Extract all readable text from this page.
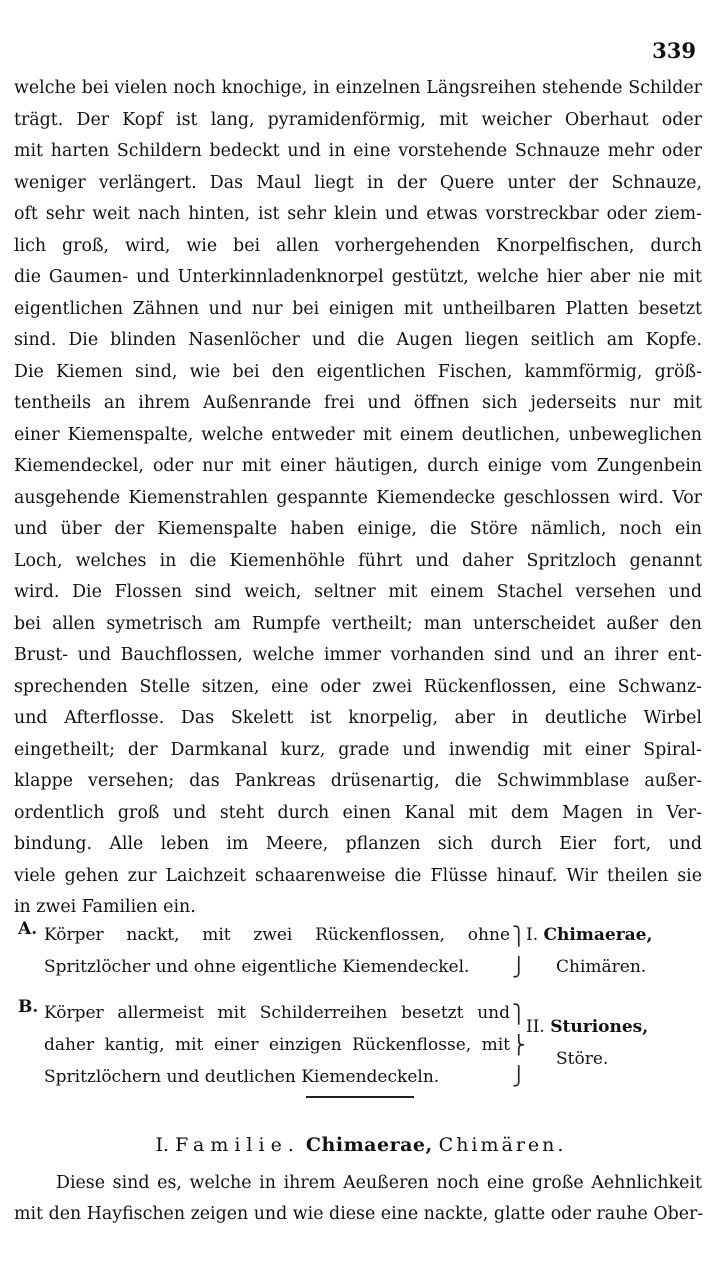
339
welche bei vielen noch knochige, in einzelnen Längsreihen stehende Schilder
trägt. Der Kopf ist lang, pyramidenförmig, mit weicher Oberhaut oder
mit harten Schildern bedeckt und in eine vorstehende Schnauze mehr oder
weniger verlängert. Das Maul liegt in der Quere unter der Schnauze,
oft sehr weit nach hinten, ist sehr klein und etwas vorstreckbar oder ziem-
lich groß, wird, wie bei allen vorhergehenden Knorpelfischen, durch
die Gaumen- und Unterkinnladenknorpel gestützt, welche hier aber nie mit
eigentlichen Zähnen und nur bei einigen mit untheilbaren Platten besetzt
sind. Die blinden Nasenlöcher und die Augen liegen seitlich am Kopfe.
Die Kiemen sind, wie bei den eigentlichen Fischen, kammförmig, größ-
tentheils an ihrem Außenrande frei und öffnen sich jederseits nur mit
einer Kiemenspalte, welche entweder mit einem deutlichen, unbeweglichen
Kiemendeckel, oder nur mit einer häutigen, durch einige vom Zungenbein
ausgehende Kiemenstrahlen gespannte Kiemendecke geschlossen wird. Vor
und über der Kiemenspalte haben einige, die Störe nämlich, noch ein
Loch, welches in die Kiemenhöhle führt und daher Spritzloch genannt
wird. Die Flossen sind weich, seltner mit einem Stachel versehen und
bei allen symetrisch am Rumpfe vertheilt; man unterscheidet außer den
Brust- und Bauchflossen, welche immer vorhanden sind und an ihrer ent-
sprechenden Stelle sitzen, eine oder zwei Rückenflossen, eine Schwanz-
und Afterflosse. Das Skelett ist knorpelig, aber in deutliche Wirbel
eingetheilt; der Darmkanal kurz, grade und inwendig mit einer Spiral-
klappe versehen; das Pankreas drüsenartig, die Schwimmblase außer-
ordentlich groß und steht durch einen Kanal mit dem Magen in Ver-
bindung. Alle leben im Meere, pflanzen sich durch Eier fort, und
viele gehen zur Laichzeit schaarenweise die Flüsse hinauf. Wir theilen sie
in zwei Familien ein.
A. Körper nackt, mit zwei Rückenflossen, ohne
Spritzlöcher und ohne eigentliche Kiemendeckel.
⎫
⎭
I. Chimaerae,
Chimären.
B. Körper allermeist mit Schilderreihen besetzt und
daher kantig, mit einer einzigen Rückenflosse, mit
Spritzlöchern und deutlichen Kiemendeckeln.
⎫
⎬
⎭
II. Sturiones,
Störe.
I. Familie. Chimaerae, Chimären.
Diese sind es, welche in ihrem Aeußeren noch eine große Aehnlichkeit
mit den Hayfischen zeigen und wie diese eine nackte, glatte oder rauhe Ober-
